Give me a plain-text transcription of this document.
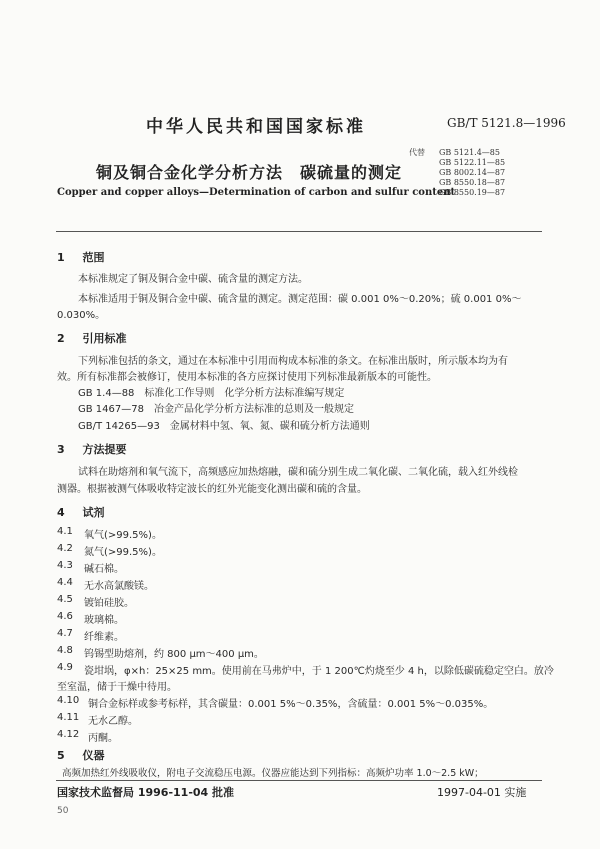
中华人民共和国国家标准	GB/T 5121.8—1996
铜及铜合金化学分析方法　碳硫量的测定
代替 GB 5121.4—85
GB 5122.11—85
GB 8002.14—87
GB 8550.18—87
GB 8550.19—87
Copper and copper alloys—Determination of carbon and sulfur content
1 范围
本标准规定了铜及铜合金中碳、硫含量的测定方法。
本标准适用于铜及铜合金中碳、硫含量的测定。测定范围：碳 0.001 0%～0.20%；硫 0.001 0%～
0.030%。
2 引用标准
下列标准包括的条文，通过在本标准中引用而构成本标准的条文。在标准出版时，所示版本均为有
效。所有标准都会被修订，使用本标准的各方应探讨使用下列标准最新版本的可能性。
GB 1.4—88　标准化工作导则　化学分析方法标准编写规定
GB 1467—78　冶金产品化学分析方法标准的总则及一般规定
GB/T 14265—93　金属材料中氢、氧、氮、碳和硫分析方法通则
3 方法提要
试料在助熔剂和氧气流下，高频感应加热熔融，碳和硫分别生成二氧化碳、二氧化硫，载入红外线检
测器。根据被测气体吸收特定波长的红外光能变化测出碳和硫的含量。
4 试剂
4.1 氧气(>99.5%)。
4.2 氮气(>99.5%)。
4.3 碱石棉。
4.4 无水高氯酸镁。
4.5 镀铂硅胶。
4.6 玻璃棉。
4.7 纤维素。
4.8 钨锡型助熔剂，约 800 μm～400 μm。
4.9 瓷坩埚，φ×h：25×25 mm。使用前在马弗炉中，于 1 200℃灼烧至少 4 h，以除低碳硫稳定空白。放冷
至室温，储于干燥中待用。
4.10 铜合金标样或参考标样，其含碳量：0.001 5%～0.35%，含硫量：0.001 5%～0.035%。
4.11 无水乙醇。
4.12 丙酮。
5 仪器
高频加热红外线吸收仪，附电子交流稳压电源。仪器应能达到下列指标：高频炉功率 1.0～2.5 kW；
国家技术监督局 1996-11-04 批准	1997-04-01 实施
50
